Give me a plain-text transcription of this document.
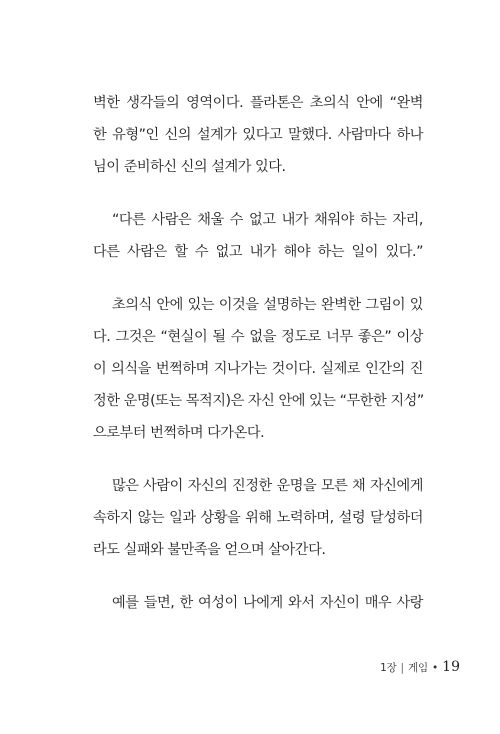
벽한 생각들의 영역이다. 플라톤은 초의식 안에 “완벽
한 유형”인 신의 설계가 있다고 말했다. 사람마다 하나
님이 준비하신 신의 설계가 있다.
“다른 사람은 채울 수 없고 내가 채워야 하는 자리,
다른 사람은 할 수 없고 내가 해야 하는 일이 있다.”
초의식 안에 있는 이것을 설명하는 완벽한 그림이 있
다. 그것은 “현실이 될 수 없을 정도로 너무 좋은” 이상
이 의식을 번쩍하며 지나가는 것이다. 실제로 인간의 진
정한 운명(또는 목적지)은 자신 안에 있는 “무한한 지성”
으로부터 번쩍하며 다가온다.
많은 사람이 자신의 진정한 운명을 모른 채 자신에게
속하지 않는 일과 상황을 위해 노력하며, 설령 달성하더
라도 실패와 불만족을 얻으며 살아간다.
예를 들면, 한 여성이 나에게 와서 자신이 매우 사랑
1장 | 게임 • 19
